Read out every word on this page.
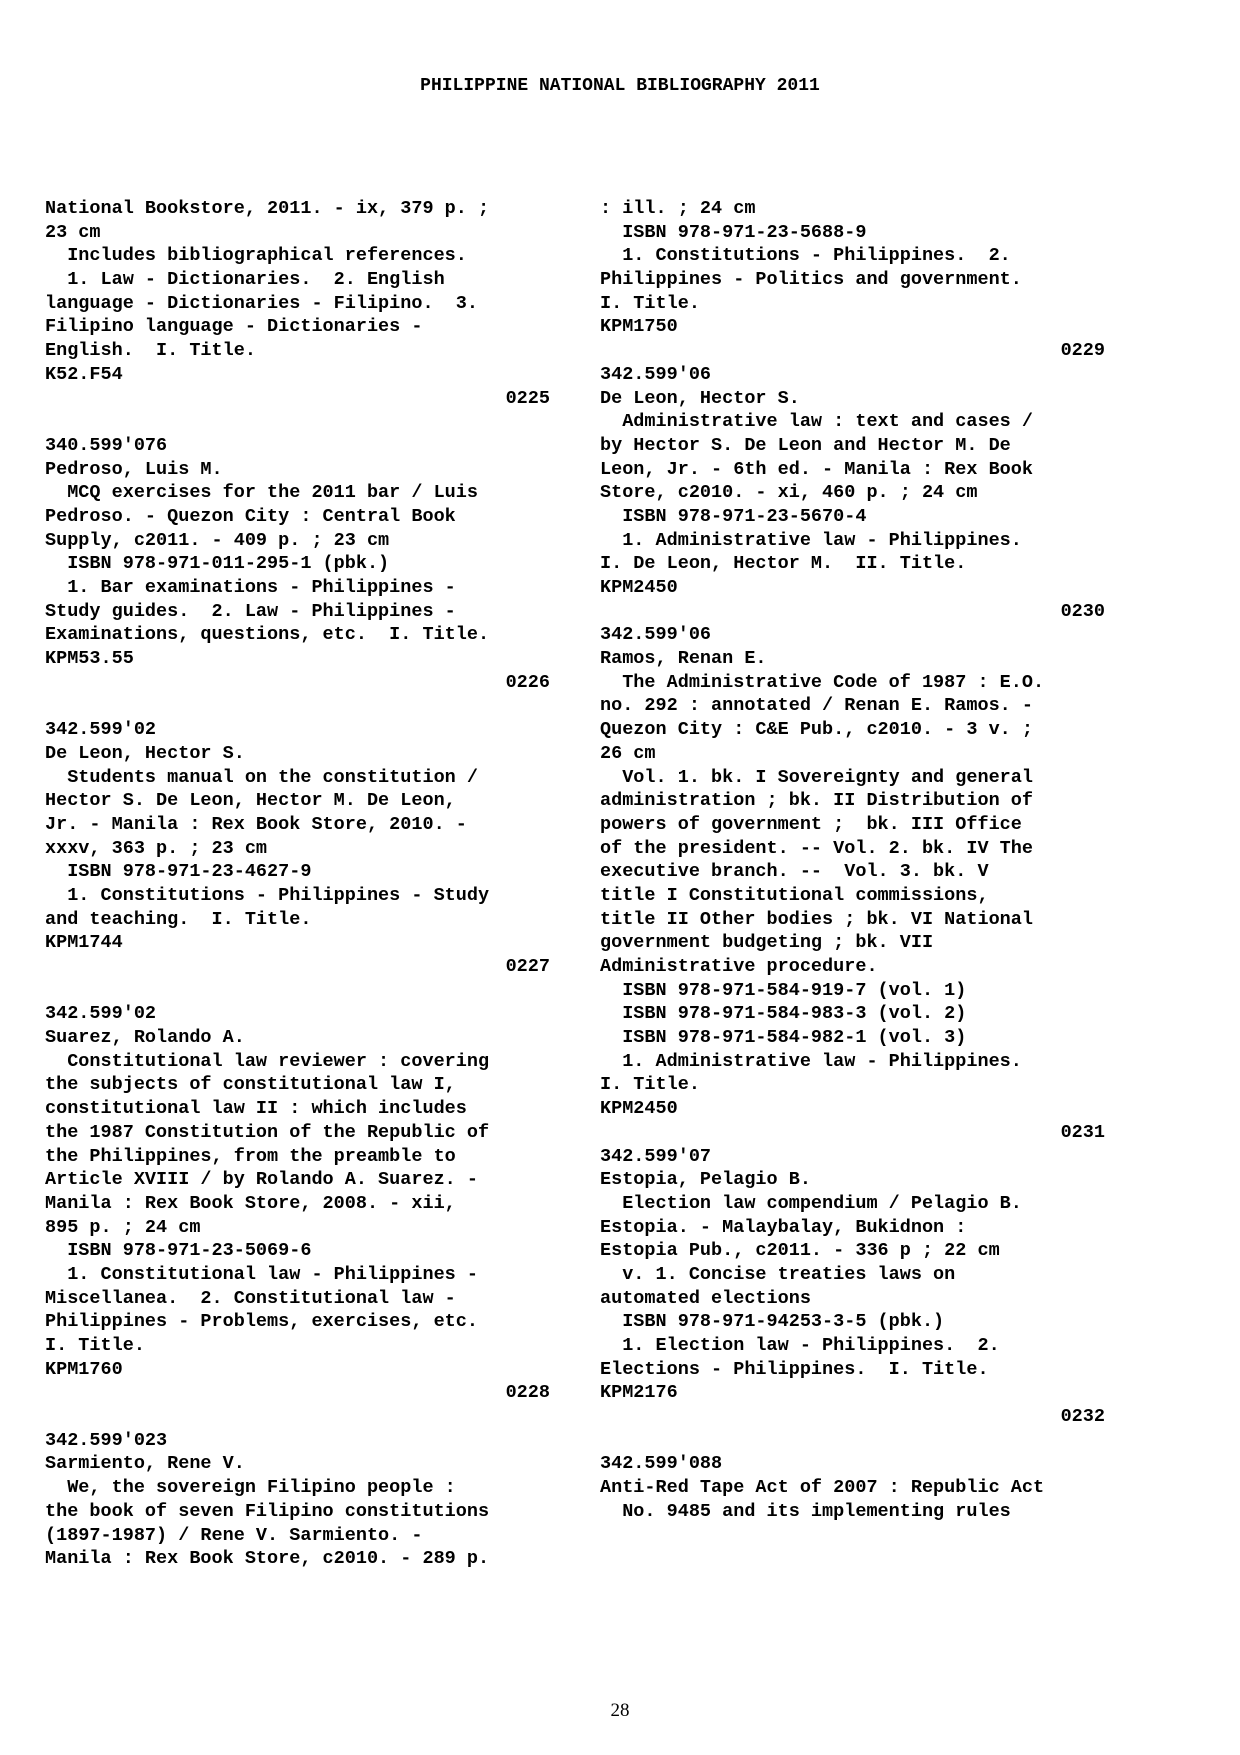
PHILIPPINE NATIONAL BIBLIOGRAPHY 2011
National Bookstore, 2011. - ix, 379 p. ;
23 cm
Includes bibliographical references.
1. Law - Dictionaries.  2. English
language - Dictionaries - Filipino.  3.
Filipino language - Dictionaries -
English.  I. Title.
K52.F54
0225
340.599'076
Pedroso, Luis M.
MCQ exercises for the 2011 bar / Luis
Pedroso. - Quezon City : Central Book
Supply, c2011. - 409 p. ; 23 cm
ISBN 978-971-011-295-1 (pbk.)
1. Bar examinations - Philippines -
Study guides.  2. Law - Philippines -
Examinations, questions, etc.  I. Title.
KPM53.55
0226
342.599'02
De Leon, Hector S.
Students manual on the constitution /
Hector S. De Leon, Hector M. De Leon,
Jr. - Manila : Rex Book Store, 2010. -
xxxv, 363 p. ; 23 cm
ISBN 978-971-23-4627-9
1. Constitutions - Philippines - Study
and teaching.  I. Title.
KPM1744
0227
342.599'02
Suarez, Rolando A.
Constitutional law reviewer : covering
the subjects of constitutional law I,
constitutional law II : which includes
the 1987 Constitution of the Republic of
the Philippines, from the preamble to
Article XVIII / by Rolando A. Suarez. -
Manila : Rex Book Store, 2008. - xii,
895 p. ; 24 cm
ISBN 978-971-23-5069-6
1. Constitutional law - Philippines -
Miscellanea.  2. Constitutional law -
Philippines - Problems, exercises, etc.
I. Title.
KPM1760
0228
342.599'023
Sarmiento, Rene V.
We, the sovereign Filipino people :
the book of seven Filipino constitutions
(1897-1987) / Rene V. Sarmiento. -
Manila : Rex Book Store, c2010. - 289 p.
: ill. ; 24 cm
ISBN 978-971-23-5688-9
1. Constitutions - Philippines.  2.
Philippines - Politics and government.
I. Title.
KPM1750
0229
342.599'06
De Leon, Hector S.
Administrative law : text and cases /
by Hector S. De Leon and Hector M. De
Leon, Jr. - 6th ed. - Manila : Rex Book
Store, c2010. - xi, 460 p. ; 24 cm
ISBN 978-971-23-5670-4
1. Administrative law - Philippines.
I. De Leon, Hector M.  II. Title.
KPM2450
0230
342.599'06
Ramos, Renan E.
The Administrative Code of 1987 : E.O.
no. 292 : annotated / Renan E. Ramos. -
Quezon City : C&E Pub., c2010. - 3 v. ;
26 cm
Vol. 1. bk. I Sovereignty and general
administration ; bk. II Distribution of
powers of government ;  bk. III Office
of the president. -- Vol. 2. bk. IV The
executive branch. --  Vol. 3. bk. V
title I Constitutional commissions,
title II Other bodies ; bk. VI National
government budgeting ; bk. VII
Administrative procedure.
ISBN 978-971-584-919-7 (vol. 1)
ISBN 978-971-584-983-3 (vol. 2)
ISBN 978-971-584-982-1 (vol. 3)
1. Administrative law - Philippines.
I. Title.
KPM2450
0231
342.599'07
Estopia, Pelagio B.
Election law compendium / Pelagio B.
Estopia. - Malaybalay, Bukidnon :
Estopia Pub., c2011. - 336 p ; 22 cm
v. 1. Concise treaties laws on
automated elections
ISBN 978-971-94253-3-5 (pbk.)
1. Election law - Philippines.  2.
Elections - Philippines.  I. Title.
KPM2176
0232
342.599'088
Anti-Red Tape Act of 2007 : Republic Act
No. 9485 and its implementing rules
28
